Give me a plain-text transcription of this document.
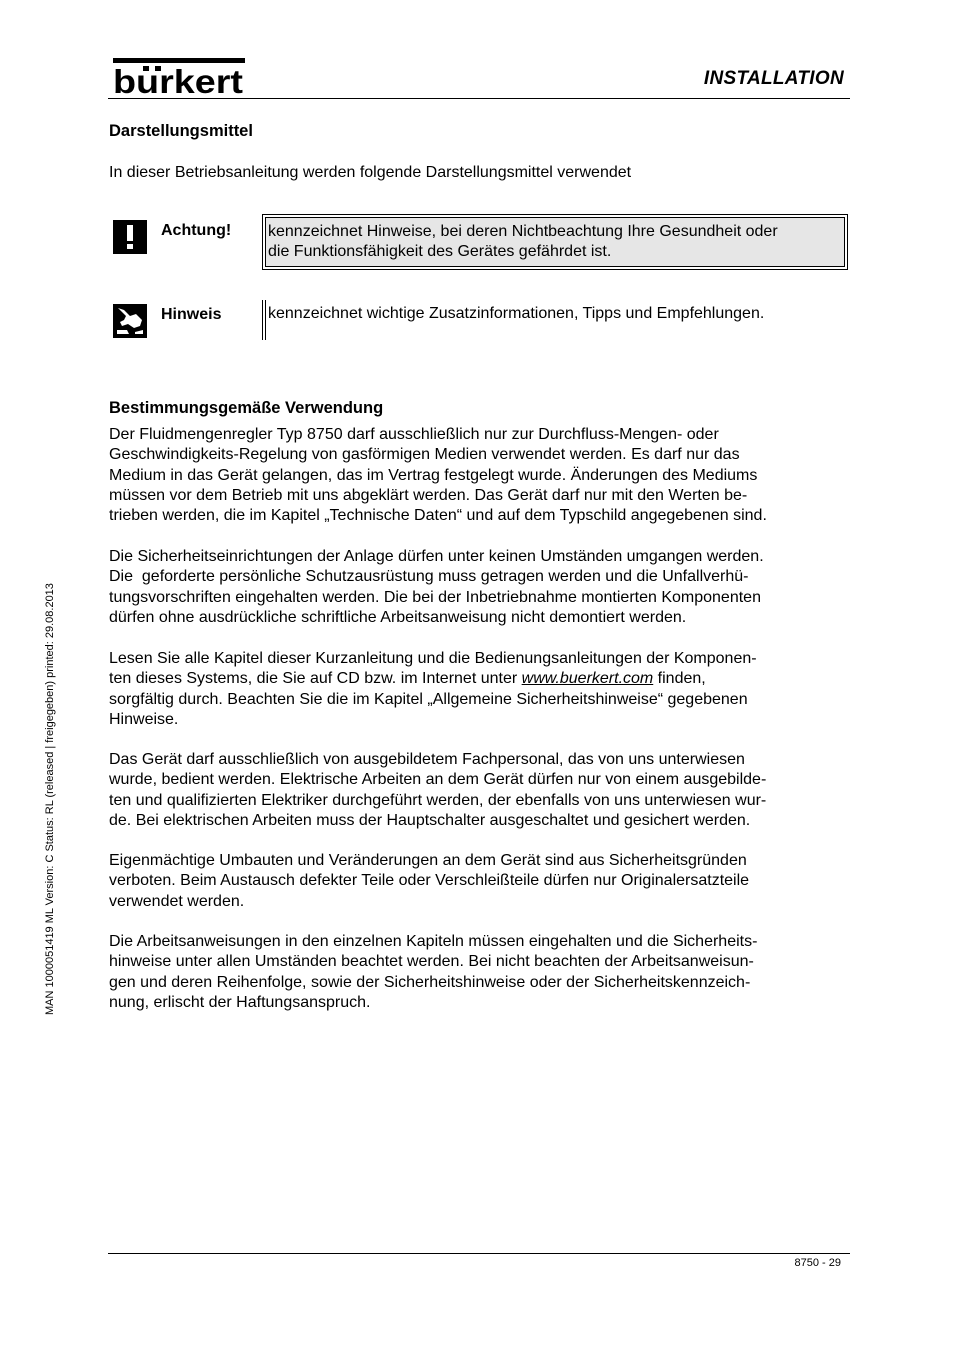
burkert	INSTALLATION
Darstellungsmittel
In dieser Betriebsanleitung werden folgende Darstellungsmittel verwendet
Achtung! kennzeichnet Hinweise, bei deren Nichtbeachtung Ihre Gesundheit oder
die Funktionsfähigkeit des Gerätes gefährdet ist.
Hinweis	kennzeichnet wichtige Zusatzinformationen, Tipps und Empfehlungen.
Bestimmungsgemäße Verwendung
Der Fluidmengenregler Typ 8750 darf ausschließlich nur zur Durchfluss-Mengen- oder
Geschwindigkeits-Regelung von gasförmigen Medien verwendet werden. Es darf nur das
Medium in das Gerät gelangen, das im Vertrag festgelegt wurde. Änderungen des Mediums
müssen vor dem Betrieb mit uns abgeklärt werden. Das Gerät darf nur mit den Werten be-
trieben werden, die im Kapitel „Technische Daten“ und auf dem Typschild angegebenen sind.
Die Sicherheitseinrichtungen der Anlage dürfen unter keinen Umständen umgangen werden.
Die  geforderte persönliche Schutzausrüstung muss getragen werden und die Unfallverhü-
tungsvorschriften eingehalten werden. Die bei der Inbetriebnahme montierten Komponenten
dürfen ohne ausdrückliche schriftliche Arbeitsanweisung nicht demontiert werden.
Lesen Sie alle Kapitel dieser Kurzanleitung und die Bedienungsanleitungen der Komponen-
ten dieses Systems, die Sie auf CD bzw. im Internet unter www.buerkert.com finden,
sorgfältig durch. Beachten Sie die im Kapitel „Allgemeine Sicherheitshinweise“ gegebenen
Hinweise.
Das Gerät darf ausschließlich von ausgebildetem Fachpersonal, das von uns unterwiesen
wurde, bedient werden. Elektrische Arbeiten an dem Gerät dürfen nur von einem ausgebilde-
ten und qualifizierten Elektriker durchgeführt werden, der ebenfalls von uns unterwiesen wur-
de. Bei elektrischen Arbeiten muss der Hauptschalter ausgeschaltet und gesichert werden.
Eigenmächtige Umbauten und Veränderungen an dem Gerät sind aus Sicherheitsgründen
verboten. Beim Austausch defekter Teile oder Verschleißteile dürfen nur Originalersatzteile
verwendet werden.
Die Arbeitsanweisungen in den einzelnen Kapiteln müssen eingehalten und die Sicherheits-
hinweise unter allen Umständen beachtet werden. Bei nicht beachten der Arbeitsanweisun-
gen und deren Reihenfolge, sowie der Sicherheitshinweise oder der Sicherheitskennzeich-
nung, erlischt der Haftungsanspruch.
MAN 1000051419 ML Version: C Status: RL (released | freigegeben) printed: 29.08.2013
8750 - 29
